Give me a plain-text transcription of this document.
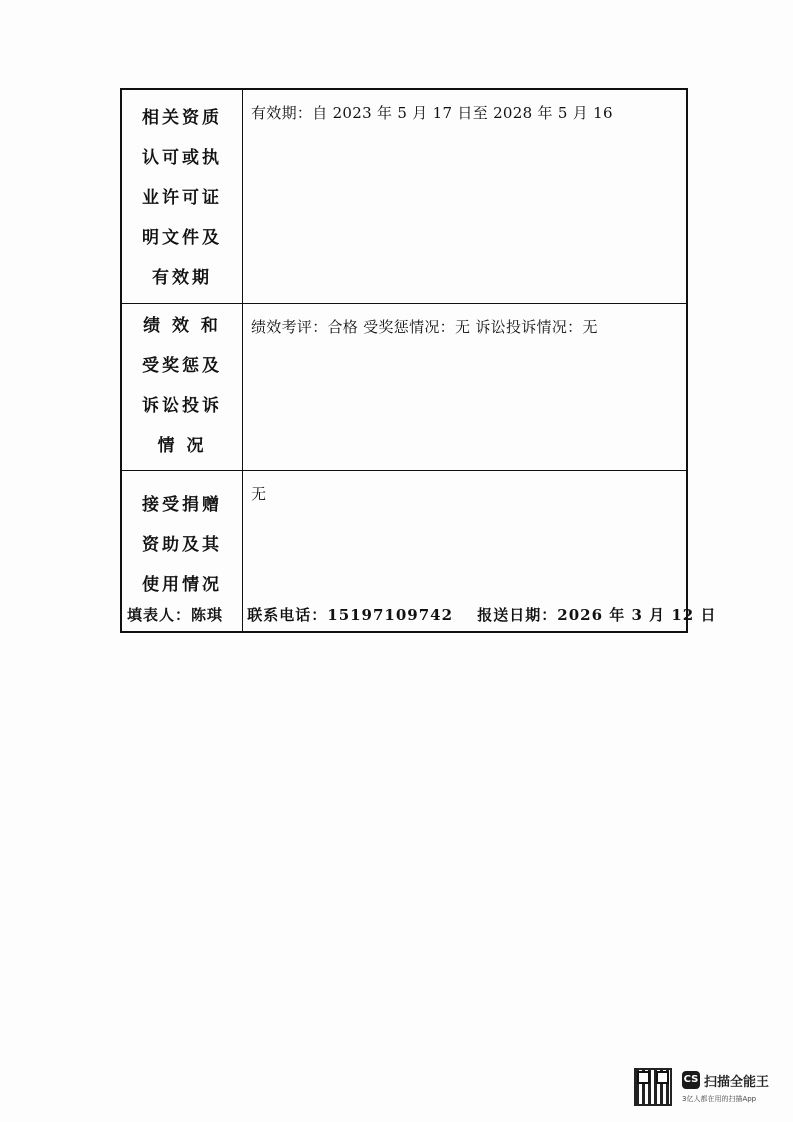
相关资质
认可或执
业许可证
明文件及
有效期	有效期：自 2023 年 5 月 17 日至 2028 年 5 月 16

绩 效 和
受奖惩及
诉讼投诉
情 况	绩效考评：合格 受奖惩情况：无 诉讼投诉情况：无

接受捐赠
资助及其
使用情况	无
填表人：陈琪 联系电话：15197109742 报送日期：2026 年 3 月 12 日
CS 扫描全能王
3亿人都在用的扫描App
